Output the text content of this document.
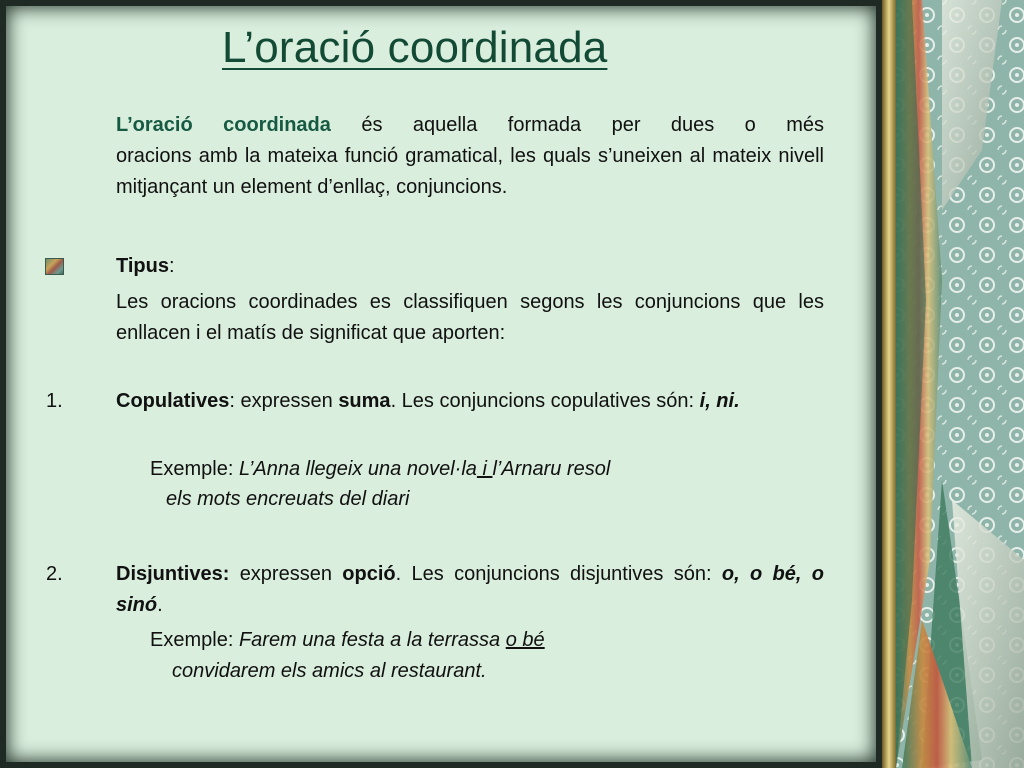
L’oració coordinada
L’oració coordinada és aquella formada per dues o més
oracions amb la mateixa funció gramatical, les quals s’uneixen al mateix nivell mitjançant un element d’enllaç, conjuncions.
Tipus:
Les oracions coordinades es classifiquen segons les conjuncions que les enllacen i el matís de significat que aporten:
1.	Copulatives: expressen suma. Les conjuncions copulatives són: i, ni.
Exemple: L’Anna llegeix una novel·la i l’Arnaru resol
els mots encreuats del diari
2.	Disjuntives: expressen opció. Les conjuncions disjuntives són: o, o bé, o sinó.
Exemple: Farem una festa a la terrassa o bé
convidarem els amics al restaurant.
